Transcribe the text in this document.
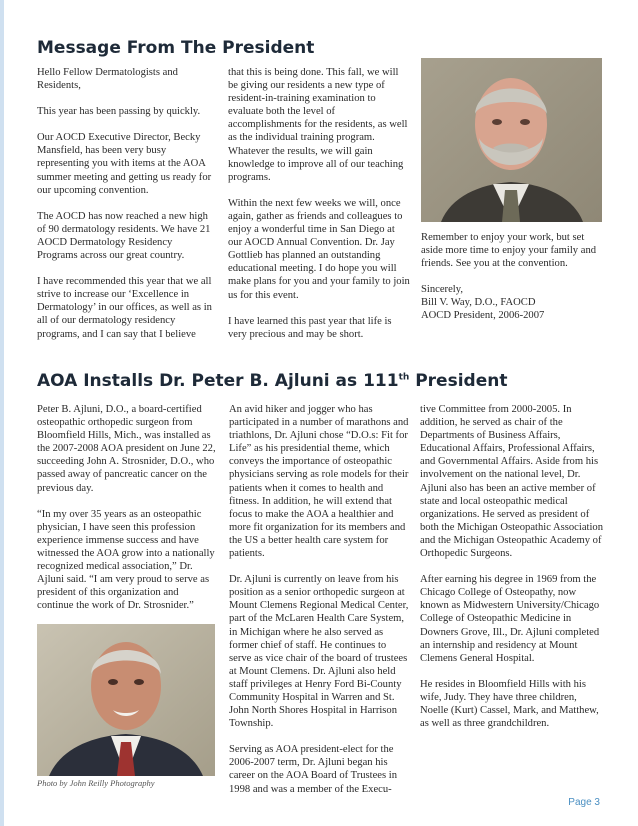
Message From The President

Hello Fellow Dermatologists and Residents,

This year has been passing by quickly.

Our AOCD Executive Director, Becky Mansfield, has been very busy representing you with items at the AOA summer meeting and getting us ready for our upcoming convention.

The AOCD has now reached a new high of 90 dermatology residents. We have 21 AOCD Dermatology Residency Programs across our great country.

I have recommended this year that we all strive to increase our ‘Excellence in Dermatology’ in our offices, as well as in all of our dermatology residency programs, and I can say that I believe

that this is being done. This fall, we will be giving our residents a new type of resident-in-training examination to evaluate both the level of accomplishments for the residents, as well as the individual training program. Whatever the results, we will gain knowledge to improve all of our teaching programs.

Within the next few weeks we will, once again, gather as friends and colleagues to enjoy a wonderful time in San Diego at our AOCD Annual Convention. Dr. Jay Gottlieb has planned an outstanding educational meeting. I do hope you will make plans for you and your family to join us for this event.

I have learned this past year that life is very precious and may be short.

Remember to enjoy your work, but set aside more time to enjoy your family and friends. See you at the convention.

Sincerely,
Bill V. Way, D.O., FAOCD
AOCD President, 2006-2007

AOA Installs Dr. Peter B. Ajluni as 111th President

Peter B. Ajluni, D.O., a board-certified osteopathic orthopedic surgeon from Bloomfield Hills, Mich., was installed as the 2007-2008 AOA president on June 22, succeeding John A. Strosnider, D.O., who passed away of pancreatic cancer on the previous day.

“In my over 35 years as an osteopathic physician, I have seen this profession experience immense success and have witnessed the AOA grow into a nationally recognized medical association,” Dr. Ajluni said. “I am very proud to serve as president of this organization and continue the work of Dr. Strosnider.”

Photo by John Reilly Photography

An avid hiker and jogger who has participated in a number of marathons and triathlons, Dr. Ajluni chose “D.O.s: Fit for Life” as his presidential theme, which conveys the importance of osteopathic physicians serving as role models for their patients when it comes to health and fitness. In addition, he will extend that focus to make the AOA a healthier and more fit organization for its members and the US a better health care system for patients.

Dr. Ajluni is currently on leave from his position as a senior orthopedic surgeon at Mount Clemens Regional Medical Center, part of the McLaren Health Care System, in Michigan where he also served as former chief of staff. He continues to serve as vice chair of the board of trustees at Mount Clemens. Dr. Ajluni also held staff privileges at Henry Ford Bi-County Community Hospital in Warren and St. John North Shores Hospital in Harrison Township.

Serving as AOA president-elect for the 2006-2007 term, Dr. Ajluni began his career on the AOA Board of Trustees in 1998 and was a member of the Execu-

tive Committee from 2000-2005. In addition, he served as chair of the Departments of Business Affairs, Educational Affairs, Professional Affairs, and Governmental Affairs. Aside from his involvement on the national level, Dr. Ajluni also has been an active member of state and local osteopathic medical organizations. He served as president of both the Michigan Osteopathic Association and the Michigan Osteopathic Academy of Orthopedic Surgeons.

After earning his degree in 1969 from the Chicago College of Osteopathy, now known as Midwestern University/Chicago College of Osteopathic Medicine in Downers Grove, Ill., Dr. Ajluni completed an internship and residency at Mount Clemens General Hospital.

He resides in Bloomfield Hills with his wife, Judy. They have three children, Noelle (Kurt) Cassel, Mark, and Matthew, as well as three grandchildren.

Page 3
